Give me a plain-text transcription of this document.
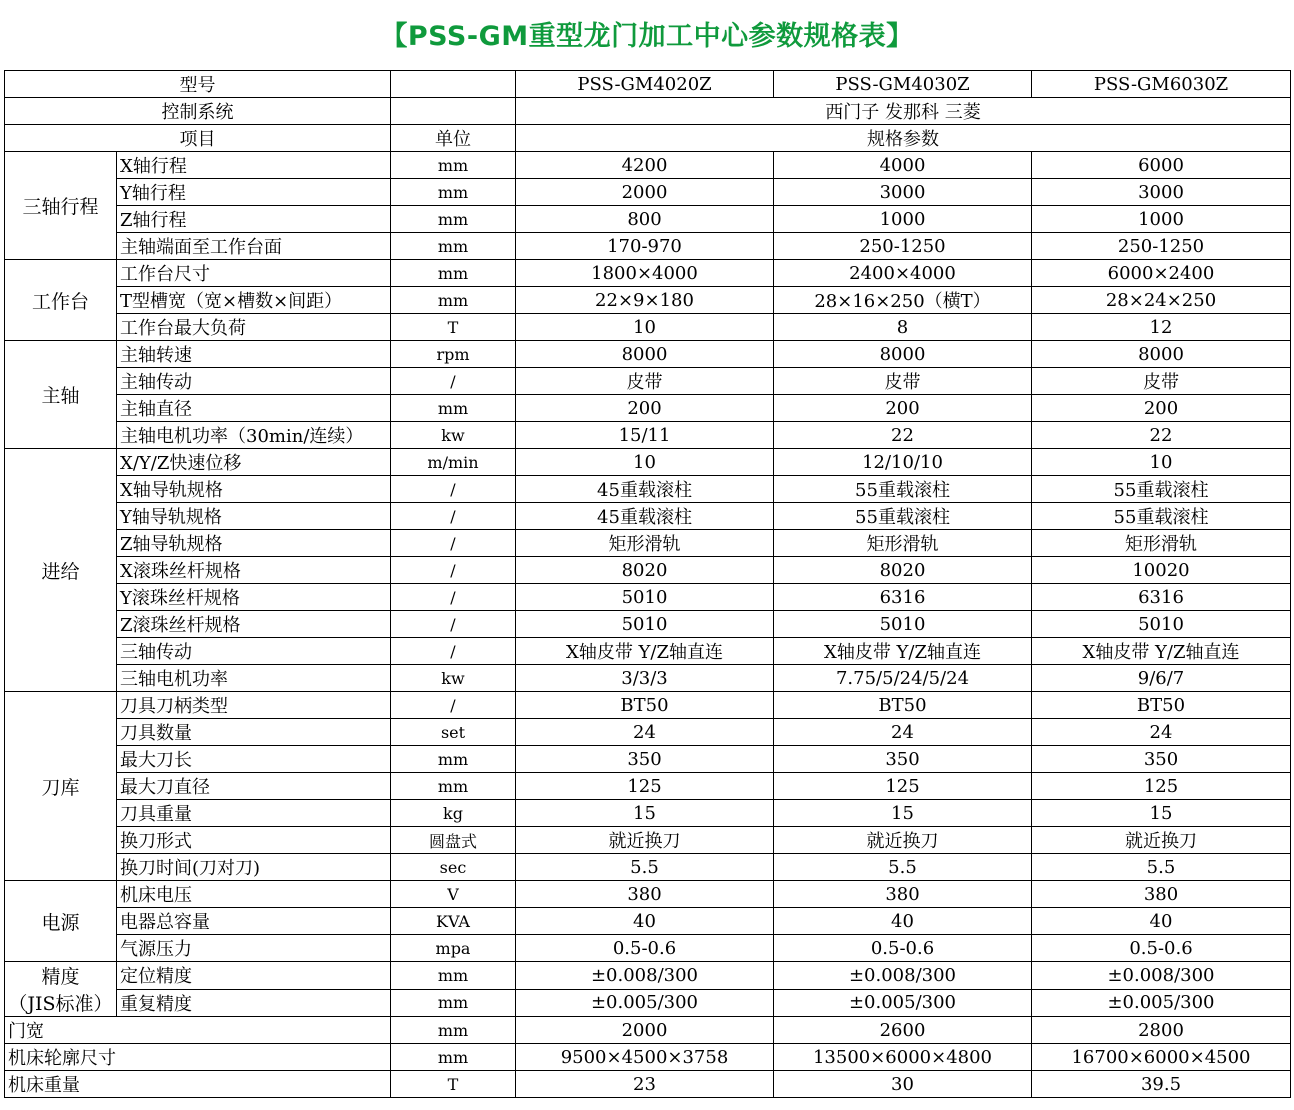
【PSS-GM重型龙门加工中心参数规格表】
型号			PSS-GM4020Z	PSS-GM4030Z	PSS-GM6030Z
控制系统			西门子 发那科 三菱		
项目		单位	规格参数		
三轴行程	X轴行程	mm	4200	4000	6000
	Y轴行程	mm	2000	3000	3000
	Z轴行程	mm	800	1000	1000
	主轴端面至工作台面	mm	170-970	250-1250	250-1250
工作台	工作台尺寸	mm	1800×4000	2400×4000	6000×2400
	T型槽宽（宽×槽数×间距）	mm	22×9×180	28×16×250（横T）	28×24×250
	工作台最大负荷	T	10	8	12
主轴	主轴转速	rpm	8000	8000	8000
	主轴传动	/	皮带	皮带	皮带
	主轴直径	mm	200	200	200
	主轴电机功率（30min/连续）	kw	15/11	22	22
进给	X/Y/Z快速位移	m/min	10	12/10/10	10
	X轴导轨规格	/	45重载滚柱	55重载滚柱	55重载滚柱
	Y轴导轨规格	/	45重载滚柱	55重载滚柱	55重载滚柱
	Z轴导轨规格	/	矩形滑轨	矩形滑轨	矩形滑轨
	X滚珠丝杆规格	/	8020	8020	10020
	Y滚珠丝杆规格	/	5010	6316	6316
	Z滚珠丝杆规格	/	5010	5010	5010
	三轴传动	/	X轴皮带 Y/Z轴直连	X轴皮带 Y/Z轴直连	X轴皮带 Y/Z轴直连
	三轴电机功率	kw	3/3/3	7.75/5/24/5/24	9/6/7
刀库	刀具刀柄类型	/	BT50	BT50	BT50
	刀具数量	set	24	24	24
	最大刀长	mm	350	350	350
	最大刀直径	mm	125	125	125
	刀具重量	kg	15	15	15
	换刀形式	圆盘式	就近换刀	就近换刀	就近换刀
	换刀时间(刀对刀)	sec	5.5	5.5	5.5
电源	机床电压	V	380	380	380
	电器总容量	KVA	40	40	40
	气源压力	mpa	0.5-0.6	0.5-0.6	0.5-0.6
精度
（JIS标准）	定位精度	mm	±0.008/300	±0.008/300	±0.008/300
	重复精度	mm	±0.005/300	±0.005/300	±0.005/300
门宽		mm	2000	2600	2800
机床轮廓尺寸		mm	9500×4500×3758	13500×6000×4800	16700×6000×4500
机床重量		T	23	30	39.5
